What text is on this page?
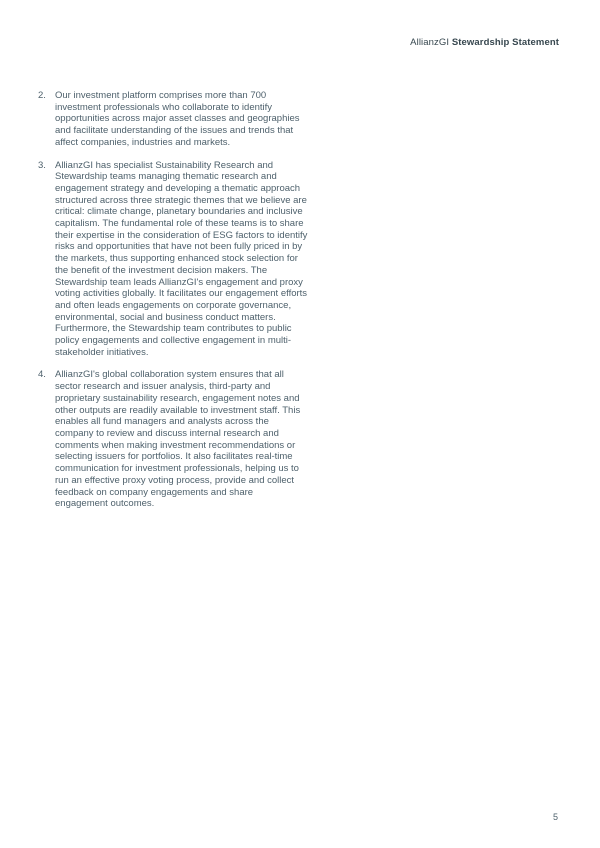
AllianzGI Stewardship Statement
2. Our investment platform comprises more than 700 investment professionals who collaborate to identify opportunities across major asset classes and geographies and facilitate understanding of the issues and trends that affect companies, industries and markets.
3. AllianzGI has specialist Sustainability Research and Stewardship teams managing thematic research and engagement strategy and developing a thematic approach structured across three strategic themes that we believe are critical: climate change, planetary boundaries and inclusive capitalism. The fundamental role of these teams is to share their expertise in the consideration of ESG factors to identify risks and opportunities that have not been fully priced in by the markets, thus supporting enhanced stock selection for the benefit of the investment decision makers. The Stewardship team leads AllianzGI's engagement and proxy voting activities globally. It facilitates our engagement efforts and often leads engagements on corporate governance, environmental, social and business conduct matters. Furthermore, the Stewardship team contributes to public policy engagements and collective engagement in multi-stakeholder initiatives.
4. AllianzGI's global collaboration system ensures that all sector research and issuer analysis, third-party and proprietary sustainability research, engagement notes and other outputs are readily available to investment staff. This enables all fund managers and analysts across the company to review and discuss internal research and comments when making investment recommendations or selecting issuers for portfolios. It also facilitates real-time communication for investment professionals, helping us to run an effective proxy voting process, provide and collect feedback on company engagements and share engagement outcomes.
5
